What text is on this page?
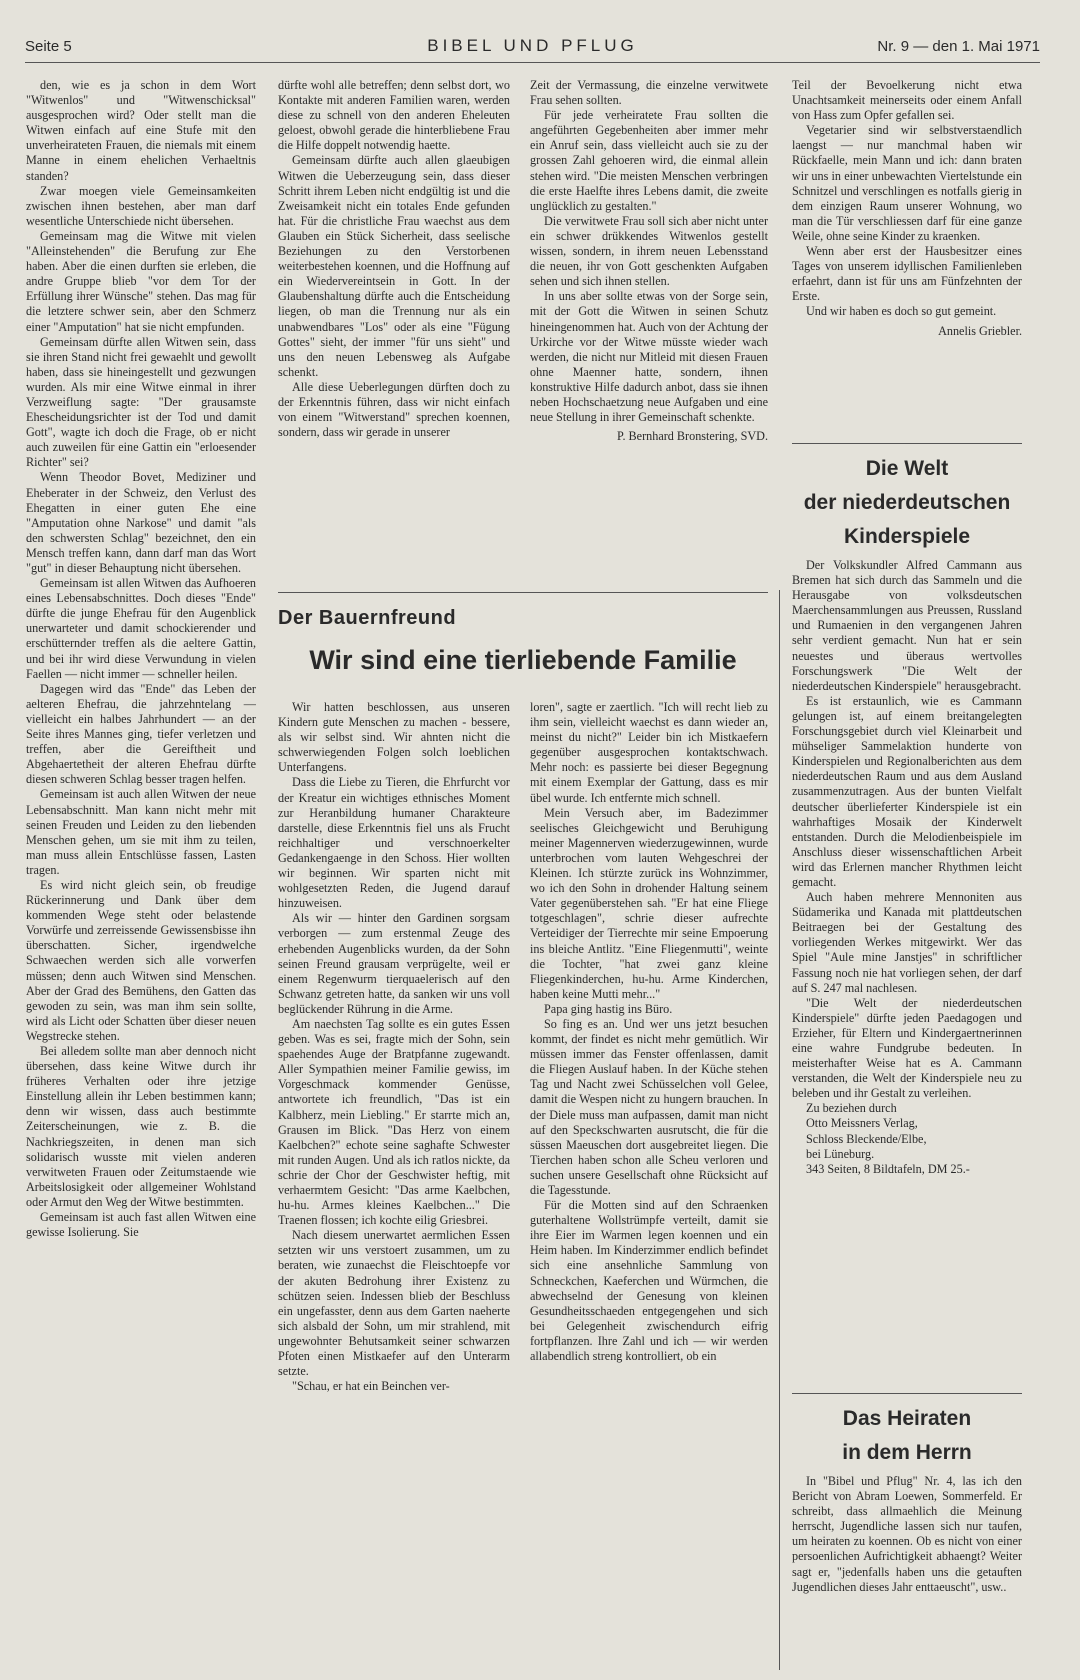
Seite 5	BIBEL UND PFLUG	Nr. 9 — den 1. Mai 1971

den, wie es ja schon in dem Wort "Witwenlos" und "Witwenschicksal" ausgesprochen wird? Oder stellt man die Witwen einfach auf eine Stufe mit den unverheirateten Frauen, die niemals mit einem Manne in einem ehelichen Verhaeltnis standen?

Zwar moegen viele Gemeinsamkeiten zwischen ihnen bestehen, aber man darf wesentliche Unterschiede nicht übersehen.

Gemeinsam mag die Witwe mit vielen "Alleinstehenden" die Berufung zur Ehe haben. Aber die einen durften sie erleben, die andre Gruppe blieb "vor dem Tor der Erfüllung ihrer Wünsche" stehen. Das mag für die letztere schwer sein, aber den Schmerz einer "Amputation" hat sie nicht empfunden.

Gemeinsam dürfte allen Witwen sein, dass sie ihren Stand nicht frei gewaehlt und gewollt haben, dass sie hineingestellt und gezwungen wurden. Als mir eine Witwe einmal in ihrer Verzweiflung sagte: "Der grausamste Ehescheidungsrichter ist der Tod und damit Gott", wagte ich doch die Frage, ob er nicht auch zuweilen für eine Gattin ein "erloesender Richter" sei?

Wenn Theodor Bovet, Mediziner und Eheberater in der Schweiz, den Verlust des Ehegatten in einer guten Ehe eine "Amputation ohne Narkose" und damit "als den schwersten Schlag" bezeichnet, den ein Mensch treffen kann, dann darf man das Wort "gut" in dieser Behauptung nicht übersehen.

Gemeinsam ist allen Witwen das Aufhoeren eines Lebensabschnittes. Doch dieses "Ende" dürfte die junge Ehefrau für den Augenblick unerwarteter und damit schockierender und erschütternder treffen als die aeltere Gattin, und bei ihr wird diese Verwundung in vielen Faellen — nicht immer — schneller heilen.

Dagegen wird das "Ende" das Leben der aelteren Ehefrau, die jahrzehntelang — vielleicht ein halbes Jahrhundert — an der Seite ihres Mannes ging, tiefer verletzen und treffen, aber die Gereiftheit und Abgehaertetheit der alteren Ehefrau dürfte diesen schweren Schlag besser tragen helfen.

Gemeinsam ist auch allen Witwen der neue Lebensabschnitt. Man kann nicht mehr mit seinen Freuden und Leiden zu den liebenden Menschen gehen, um sie mit ihm zu teilen, man muss allein Entschlüsse fassen, Lasten tragen.

Es wird nicht gleich sein, ob freudige Rückerinnerung und Dank über dem kommenden Wege steht oder belastende Vorwürfe und zerreissende Gewissensbisse ihn überschatten. Sicher, irgendwelche Schwaechen werden sich alle vorwerfen müssen; denn auch Witwen sind Menschen. Aber der Grad des Bemühens, den Gatten das gewoden zu sein, was man ihm sein sollte, wird als Licht oder Schatten über dieser neuen Wegstrecke stehen.

Bei alledem sollte man aber dennoch nicht übersehen, dass keine Witwe durch ihr früheres Verhalten oder ihre jetzige Einstellung allein ihr Leben bestimmen kann; denn wir wissen, dass auch bestimmte Zeiterscheinungen, wie z. B. die Nachkriegszeiten, in denen man sich solidarisch wusste mit vielen anderen verwitweten Frauen oder Zeitumstaende wie Arbeitslosigkeit oder allgemeiner Wohlstand oder Armut den Weg der Witwe bestimmten.

Gemeinsam ist auch fast allen Witwen eine gewisse Isolierung. Sie

dürfte wohl alle betreffen; denn selbst dort, wo Kontakte mit anderen Familien waren, werden diese zu schnell von den anderen Eheleuten geloest, obwohl gerade die hinterbliebene Frau die Hilfe doppelt notwendig haette.

Gemeinsam dürfte auch allen glaeubigen Witwen die Ueberzeugung sein, dass dieser Schritt ihrem Leben nicht endgültig ist und die Zweisamkeit nicht ein totales Ende gefunden hat. Für die christliche Frau waechst aus dem Glauben ein Stück Sicherheit, dass seelische Beziehungen zu den Verstorbenen weiterbestehen koennen, und die Hoffnung auf ein Wiedervereintsein in Gott. In der Glaubenshaltung dürfte auch die Entscheidung liegen, ob man die Trennung nur als ein unabwendbares "Los" oder als eine "Fügung Gottes" sieht, der immer "für uns sieht" und uns den neuen Lebensweg als Aufgabe schenkt.

Alle diese Ueberlegungen dürften doch zu der Erkenntnis führen, dass wir nicht einfach von einem "Witwerstand" sprechen koennen, sondern, dass wir gerade in unserer

Zeit der Vermassung, die einzelne verwitwete Frau sehen sollten.

Für jede verheiratete Frau sollten die angeführten Gegebenheiten aber immer mehr ein Anruf sein, dass vielleicht auch sie zu der grossen Zahl gehoeren wird, die einmal allein stehen wird. "Die meisten Menschen verbringen die erste Haelfte ihres Lebens damit, die zweite unglücklich zu gestalten."

Die verwitwete Frau soll sich aber nicht unter ein schwer drükkendes Witwenlos gestellt wissen, sondern, in ihrem neuen Lebensstand die neuen, ihr von Gott geschenkten Aufgaben sehen und sich ihnen stellen.

In uns aber sollte etwas von der Sorge sein, mit der Gott die Witwen in seinen Schutz hineingenommen hat. Auch von der Achtung der Urkirche vor der Witwe müsste wieder wach werden, die nicht nur Mitleid mit diesen Frauen ohne Maenner hatte, sondern, ihnen konstruktive Hilfe dadurch anbot, dass sie ihnen neben Hochschaetzung neue Aufgaben und eine neue Stellung in ihrer Gemeinschaft schenkte.

P. Bernhard Bronstering, SVD.

Teil der Bevoelkerung nicht etwa Unachtsamkeit meinerseits oder einem Anfall von Hass zum Opfer gefallen sei.

Vegetarier sind wir selbstverstaendlich laengst — nur manchmal haben wir Rückfaelle, mein Mann und ich: dann braten wir uns in einer unbewachten Viertelstunde ein Schnitzel und verschlingen es notfalls gierig in dem einzigen Raum unserer Wohnung, wo man die Tür verschliessen darf für eine ganze Weile, ohne seine Kinder zu kraenken.

Wenn aber erst der Hausbesitzer eines Tages von unserem idyllischen Familienleben erfaehrt, dann ist für uns am Fünfzehnten der Erste.

Und wir haben es doch so gut gemeint.

Annelis Griebler.

Der Bauernfreund
Wir sind eine tierliebende Familie

Wir hatten beschlossen, aus unseren Kindern gute Menschen zu machen - bessere, als wir selbst sind. Wir ahnten nicht die schwerwiegenden Folgen solch loeblichen Unterfangens.

Dass die Liebe zu Tieren, die Ehrfurcht vor der Kreatur ein wichtiges ethnisches Moment zur Heranbildung humaner Charakteure darstelle, diese Erkenntnis fiel uns als Frucht reichhaltiger und verschnoerkelter Gedankengaenge in den Schoss. Hier wollten wir beginnen. Wir sparten nicht mit wohlgesetzten Reden, die Jugend darauf hinzuweisen.

Als wir — hinter den Gardinen sorgsam verborgen — zum erstenmal Zeuge des erhebenden Augenblicks wurden, da der Sohn seinen Freund grausam verprügelte, weil er einem Regenwurm tierquaelerisch auf den Schwanz getreten hatte, da sanken wir uns voll beglückender Rührung in die Arme.

Am naechsten Tag sollte es ein gutes Essen geben. Was es sei, fragte mich der Sohn, sein spaehendes Auge der Bratpfanne zugewandt. Aller Sympathien meiner Familie gewiss, im Vorgeschmack kommender Genüsse, antwortete ich freundlich, "Das ist ein Kalbherz, mein Liebling." Er starrte mich an, Grausen im Blick. "Das Herz von einem Kaelbchen?" echote seine saghafte Schwester mit runden Augen. Und als ich ratlos nickte, da schrie der Chor der Geschwister heftig, mit verhaermtem Gesicht: "Das arme Kaelbchen, hu-hu. Armes kleines Kaelbchen..." Die Traenen flossen; ich kochte eilig Griesbrei.

Nach diesem unerwartet aermlichen Essen setzten wir uns verstoert zusammen, um zu beraten, wie zunaechst die Fleischtoepfe vor der akuten Bedrohung ihrer Existenz zu schützen seien. Indessen blieb der Beschluss ein ungefasster, denn aus dem Garten naeherte sich alsbald der Sohn, um mir strahlend, mit ungewohnter Behutsamkeit seiner schwarzen Pfoten einen Mistkaefer auf den Unterarm setzte.

"Schau, er hat ein Beinchen ver-

loren", sagte er zaertlich. "Ich will recht lieb zu ihm sein, vielleicht waechst es dann wieder an, meinst du nicht?" Leider bin ich Mistkaefern gegenüber ausgesprochen kontaktschwach. Mehr noch: es passierte bei dieser Begegnung mit einem Exemplar der Gattung, dass es mir übel wurde. Ich entfernte mich schnell.

Mein Versuch aber, im Badezimmer seelisches Gleichgewicht und Beruhigung meiner Magennerven wiederzugewinnen, wurde unterbrochen vom lauten Wehgeschrei der Kleinen. Ich stürzte zurück ins Wohnzimmer, wo ich den Sohn in drohender Haltung seinem Vater gegenüberstehen sah. "Er hat eine Fliege totgeschlagen", schrie dieser aufrechte Verteidiger der Tierrechte mir seine Empoerung ins bleiche Antlitz. "Eine Fliegenmutti", weinte die Tochter, "hat zwei ganz kleine Fliegenkinderchen, hu-hu. Arme Kinderchen, haben keine Mutti mehr..."

Papa ging hastig ins Büro.

So fing es an. Und wer uns jetzt besuchen kommt, der findet es nicht mehr gemütlich. Wir müssen immer das Fenster offenlassen, damit die Fliegen Auslauf haben. In der Küche stehen Tag und Nacht zwei Schüsselchen voll Gelee, damit die Wespen nicht zu hungern brauchen. In der Diele muss man aufpassen, damit man nicht auf den Speckschwarten ausrutscht, die für die süssen Maeuschen dort ausgebreitet liegen. Die Tierchen haben schon alle Scheu verloren und suchen unsere Gesellschaft ohne Rücksicht auf die Tagesstunde.

Für die Motten sind auf den Schraenken guterhaltene Wollstrümpfe verteilt, damit sie ihre Eier im Warmen legen koennen und ein Heim haben. Im Kinderzimmer endlich befindet sich eine ansehnliche Sammlung von Schneckchen, Kaeferchen und Würmchen, die abwechselnd der Genesung von kleinen Gesundheitsschaeden entgegengehen und sich bei Gelegenheit zwischendurch eifrig fortpflanzen. Ihre Zahl und ich — wir werden allabendlich streng kontrolliert, ob ein

Die Welt
der niederdeutschen
Kinderspiele

Der Volkskundler Alfred Cammann aus Bremen hat sich durch das Sammeln und die Herausgabe von volksdeutschen Maerchensammlungen aus Preussen, Russland und Rumaenien in den vergangenen Jahren sehr verdient gemacht. Nun hat er sein neuestes und überaus wertvolles Forschungswerk "Die Welt der niederdeutschen Kinderspiele" herausgebracht.

Es ist erstaunlich, wie es Cammann gelungen ist, auf einem breitangelegten Forschungsgebiet durch viel Kleinarbeit und mühseliger Sammelaktion hunderte von Kinderspielen und Regionalberichten aus dem niederdeutschen Raum und aus dem Ausland zusammenzutragen. Aus der bunten Vielfalt deutscher überlieferter Kinderspiele ist ein wahrhaftiges Mosaik der Kinderwelt entstanden. Durch die Melodienbeispiele im Anschluss dieser wissenschaftlichen Arbeit wird das Erlernen mancher Rhythmen leicht gemacht.

Auch haben mehrere Mennoniten aus Südamerika und Kanada mit plattdeutschen Beitraegen bei der Gestaltung des vorliegenden Werkes mitgewirkt. Wer das Spiel "Aule mine Janstjes" in schriftlicher Fassung noch nie hat vorliegen sehen, der darf auf S. 247 mal nachlesen.

"Die Welt der niederdeutschen Kinderspiele" dürfte jeden Paedagogen und Erzieher, für Eltern und Kindergaertnerinnen eine wahre Fundgrube bedeuten. In meisterhafter Weise hat es A. Cammann verstanden, die Welt der Kinderspiele neu zu beleben und ihr Gestalt zu verleihen.

Zu beziehen durch

Otto Meissners Verlag,

Schloss Bleckende/Elbe,

bei Lüneburg.

343 Seiten, 8 Bildtafeln, DM 25.-

Das Heiraten
in dem Herrn

In "Bibel und Pflug" Nr. 4, las ich den Bericht von Abram Loewen, Sommerfeld. Er schreibt, dass allmaehlich die Meinung herrscht, Jugendliche lassen sich nur taufen, um heiraten zu koennen. Ob es nicht von einer persoenlichen Aufrichtigkeit abhaengt? Weiter sagt er, "jedenfalls haben uns die getauften Jugendlichen dieses Jahr enttaeuscht", usw..
